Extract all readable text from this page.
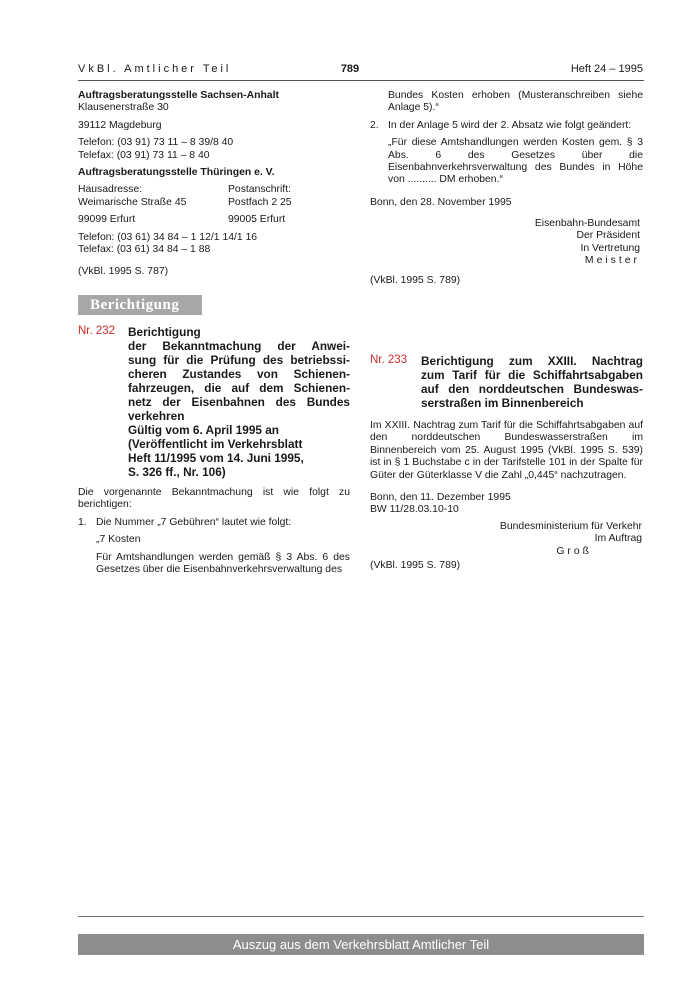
VkBl. Amtlicher Teil	789	Heft 24 – 1995

Auftragsberatungsstelle Sachsen-Anhalt

Klausenerstraße 30

39112 Magdeburg

Telefon: (03 91) 73 11 – 8 39/8 40

Telefax: (03 91) 73 11 – 8 40

Auftragsberatungsstelle Thüringen e. V.

Hausadresse:	Postanschrift:
Weimarische Straße 45	Postfach 2 25
99099 Erfurt	99005 Erfurt

Telefon: (03 61) 34 84 – 1 12/1 14/1 16

Telefax: (03 61) 34 84 – 1 88

(VkBl. 1995 S. 787)

Berichtigung
Nr. 232 Berichtigung

der Bekanntmachung der Anwei-

sung für die Prüfung des betriebssi-

cheren Zustandes von Schienen-

fahrzeugen, die auf dem Schienen-

netz der Eisenbahnen des Bundes

verkehren

Gültig vom 6. April 1995 an

(Veröffentlicht im Verkehrsblatt

Heft 11/1995 vom 14. Juni 1995,

S. 326 ff., Nr. 106)

Die vorgenannte Bekanntmachung ist wie folgt zu berichtigen:

1. Die Nummer „7 Gebühren“ lautet wie folgt:

„7 Kosten

Für Amtshandlungen werden gemäß § 3 Abs. 6 des Gesetzes über die Eisenbahnverkehrsverwaltung des

Bundes Kosten erhoben (Musteranschreiben siehe Anlage 5).“

2. In der Anlage 5 wird der 2. Absatz wie folgt geändert:

„Für diese Amtshandlungen werden Kosten gem. § 3 Abs. 6 des Gesetzes über die Eisenbahnverkehrsverwaltung des Bundes in Höhe von .......... DM erhoben.“

Bonn, den 28. November 1995

Eisenbahn-Bundesamt

Der Präsident

In Vertretung

Meister

(VkBl. 1995 S. 789)
Nr. 233 Berichtigung zum XXIII. Nachtrag

zum Tarif für die Schiffahrtsabgaben

auf den norddeutschen Bundeswas-

serstraßen im Binnenbereich

Im XXIII. Nachtrag zum Tarif für die Schiffahrtsabgaben auf den norddeutschen Bundeswasserstraßen im Binnenbereich vom 25. August 1995 (VkBl. 1995 S. 539) ist in § 1 Buchstabe c in der Tarifstelle 101 in der Spalte für Güter der Güterklasse V die Zahl „0,445“ nachzutragen.

Bonn, den 11. Dezember 1995

BW 11/28.03.10-10

Bundesministerium für Verkehr

Im Auftrag

Groß

(VkBl. 1995 S. 789)
Auszug aus dem Verkehrsblatt Amtlicher Teil
